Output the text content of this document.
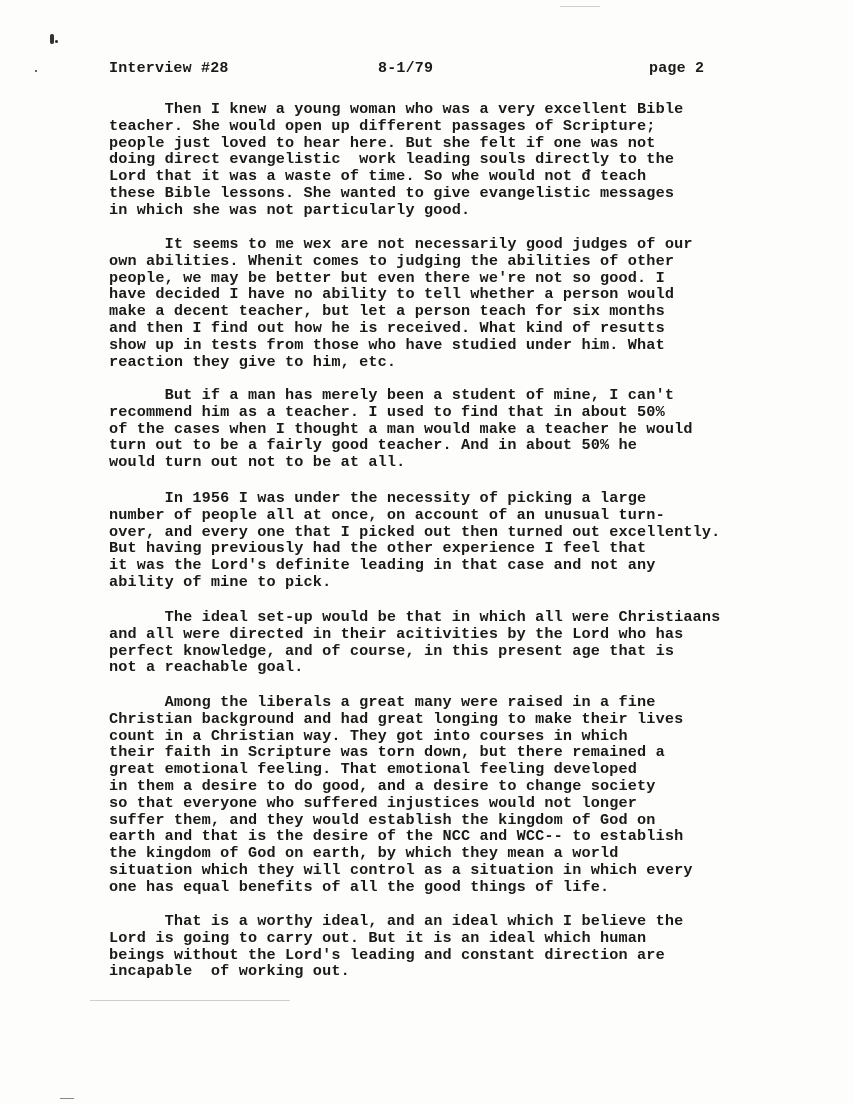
Interview #28	8-1/79	page 2
Then I knew a young woman who was a very excellent Bible
teacher. She would open up different passages of Scripture;
people just loved to hear here. But she felt if one was not
doing direct evangelistic  work leading souls directly to the
Lord that it was a waste of time. So whe would not đ teach
these Bible lessons. She wanted to give evangelistic messages
in which she was not particularly good.
It seems to me wex are not necessarily good judges of our
own abilities. Whenit comes to judging the abilities of other
people, we may be better but even there we're not so good. I
have decided I have no ability to tell whether a person would
make a decent teacher, but let a person teach for six months
and then I find out how he is received. What kind of resutts
show up in tests from those who have studied under him. What
reaction they give to him, etc.
But if a man has merely been a student of mine, I can't
recommend him as a teacher. I used to find that in about 50%
of the cases when I thought a man would make a teacher he would
turn out to be a fairly good teacher. And in about 50% he
would turn out not to be at all.
In 1956 I was under the necessity of picking a large
number of people all at once, on account of an unusual turn-
over, and every one that I picked out then turned out excellently.
But having previously had the other experience I feel that
it was the Lord's definite leading in that case and not any
ability of mine to pick.
The ideal set-up would be that in which all were Christiaans
and all were directed in their acitivities by the Lord who has
perfect knowledge, and of course, in this present age that is
not a reachable goal.
Among the liberals a great many were raised in a fine
Christian background and had great longing to make their lives
count in a Christian way. They got into courses in which
their faith in Scripture was torn down, but there remained a
great emotional feeling. That emotional feeling developed
in them a desire to do good, and a desire to change society
so that everyone who suffered injustices would not longer
suffer them, and they would establish the kingdom of God on
earth and that is the desire of the NCC and WCC-- to establish
the kingdom of God on earth, by which they mean a world
situation which they will control as a situation in which every
one has equal benefits of all the good things of life.
That is a worthy ideal, and an ideal which I believe the
Lord is going to carry out. But it is an ideal which human
beings without the Lord's leading and constant direction are
incapable  of working out.
